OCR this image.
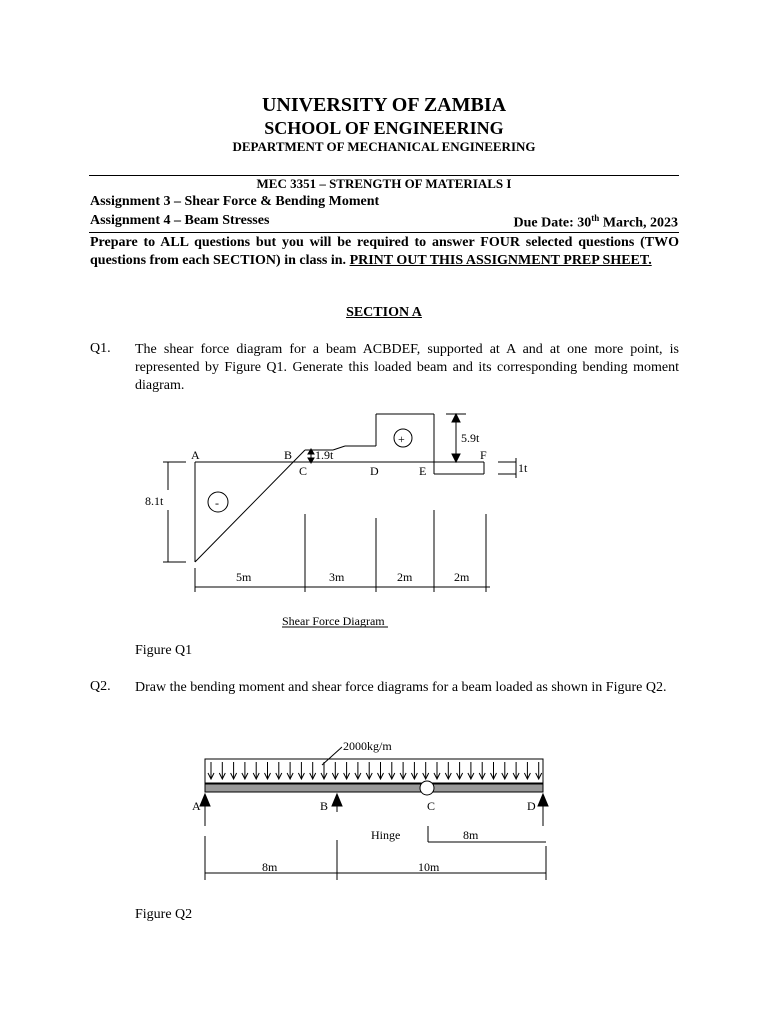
UNIVERSITY OF ZAMBIA
SCHOOL OF ENGINEERING
DEPARTMENT OF MECHANICAL ENGINEERING
MEC 3351 – STRENGTH OF MATERIALS I
Assignment 3 – Shear Force & Bending Moment
Assignment 4 – Beam Stresses	Due Date: 30th March, 2023
Prepare to ALL questions but you will be required to answer FOUR selected questions (TWO questions from each SECTION) in class in. PRINT OUT THIS ASSIGNMENT PREP SHEET.
SECTION A
Q1. The shear force diagram for a beam ACBDEF, supported at A and at one more point, is represented by Figure Q1. Generate this loaded beam and its corresponding bending moment diagram.
A	B
C	D	E
F
8.1t
1.9t
5.9t
1t
-
+
5m	3m	2m	2m
Shear Force Diagram
2000kg/m
A	B	C	D
Hinge
8m	10m
8m
Figure Q1
Q2. Draw the bending moment and shear force diagrams for a beam loaded as shown in Figure Q2.
Figure Q2
